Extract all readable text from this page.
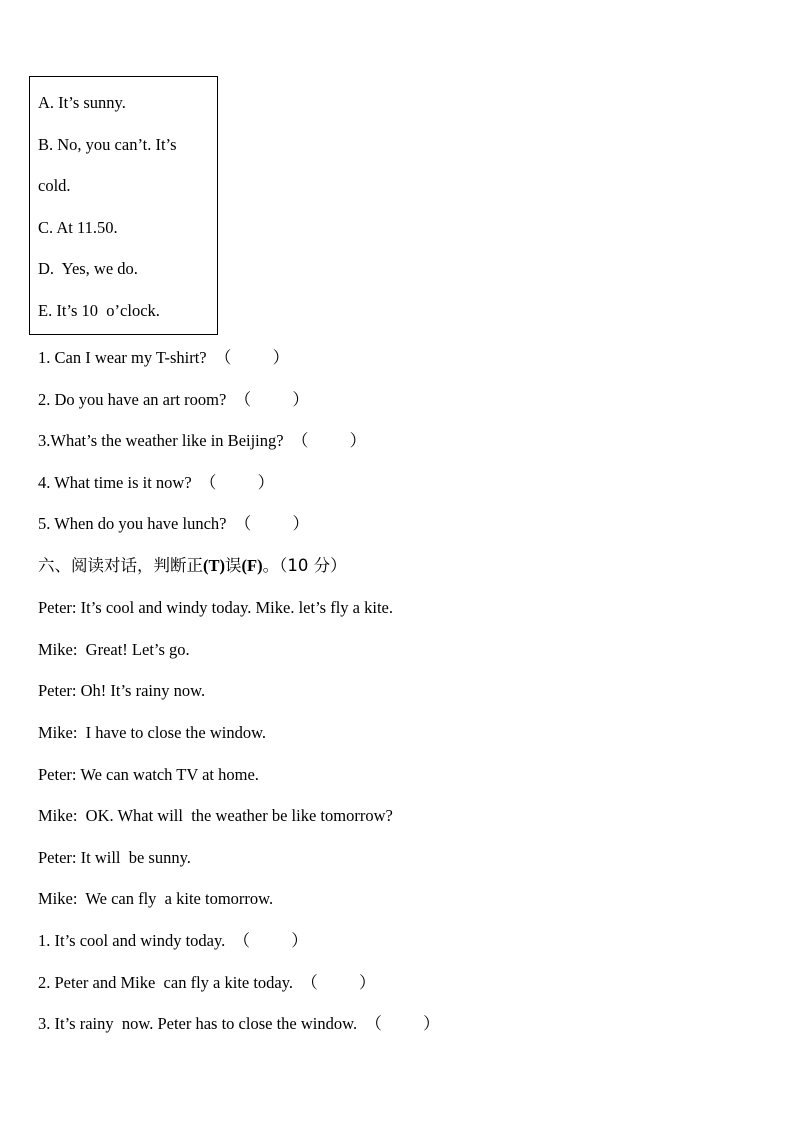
A. It’s sunny.
B. No, you can’t. It’s
cold.
C. At 11.50.
D.  Yes, we do.
E. It’s 10  o’clock.
1. Can I wear my T-shirt?  （          ）
2. Do you have an art room?  （          ）
3.What’s the weather like in Beijing?  （          ）
4. What time is it now?  （          ）
5. When do you have lunch?  （          ）
六、阅读对话，判断正(T)误(F)。（10 分）
Peter: It’s cool and windy today. Mike. let’s fly a kite.
Mike:  Great! Let’s go.
Peter: Oh! It’s rainy now.
Mike:  I have to close the window.
Peter: We can watch TV at home.
Mike:  OK. What will  the weather be like tomorrow?
Peter: It will  be sunny.
Mike:  We can fly  a kite tomorrow.
1. It’s cool and windy today.  （          ）
2. Peter and Mike  can fly a kite today.  （          ）
3. It’s rainy  now. Peter has to close the window.  （          ）
